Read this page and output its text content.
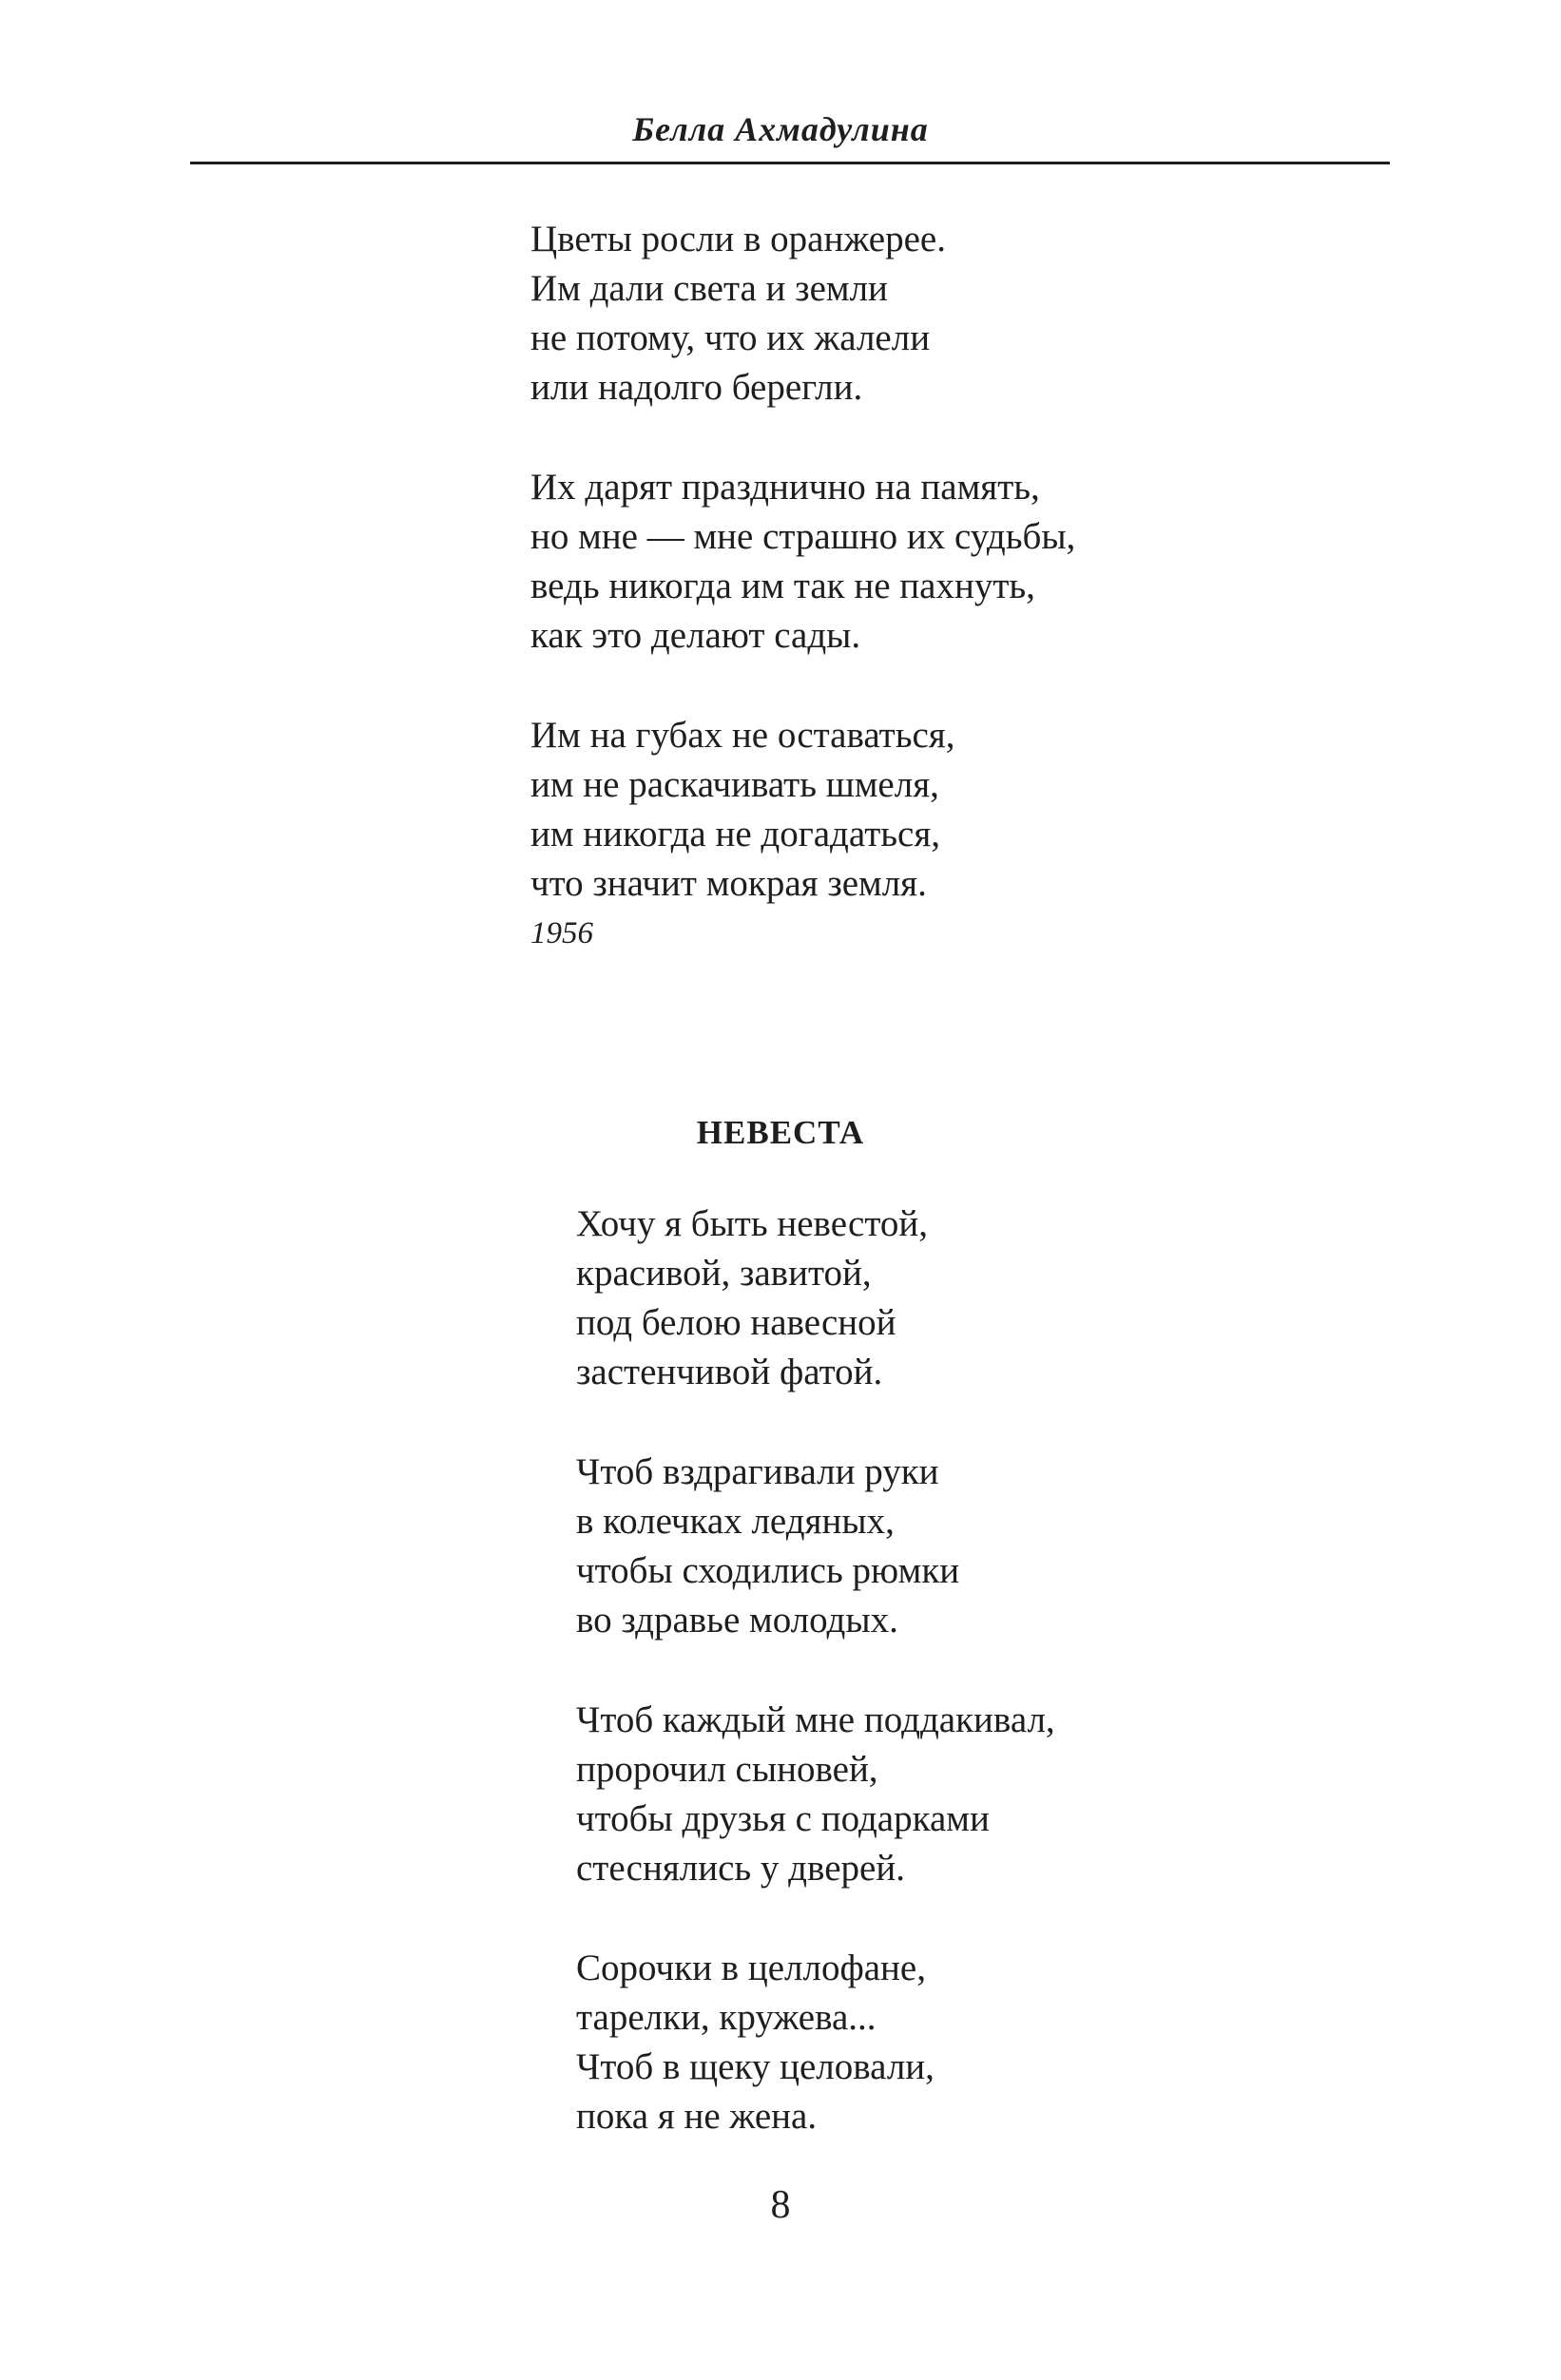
Белла Ахмадулина
Цветы росли в оранжерее.
Им дали света и земли
не потому, что их жалели
или надолго берегли.
Их дарят празднично на память,
но мне — мне страшно их судьбы,
ведь никогда им так не пахнуть,
как это делают сады.
Им на губах не оставаться,
им не раскачивать шмеля,
им никогда не догадаться,
что значит мокрая земля.
1956
НЕВЕСТА
Хочу я быть невестой,
красивой, завитой,
под белою навесной
застенчивой фатой.
Чтоб вздрагивали руки
в колечках ледяных,
чтобы сходились рюмки
во здравье молодых.
Чтоб каждый мне поддакивал,
пророчил сыновей,
чтобы друзья с подарками
стеснялись у дверей.
Сорочки в целлофане,
тарелки, кружева...
Чтоб в щеку целовали,
пока я не жена.
8
